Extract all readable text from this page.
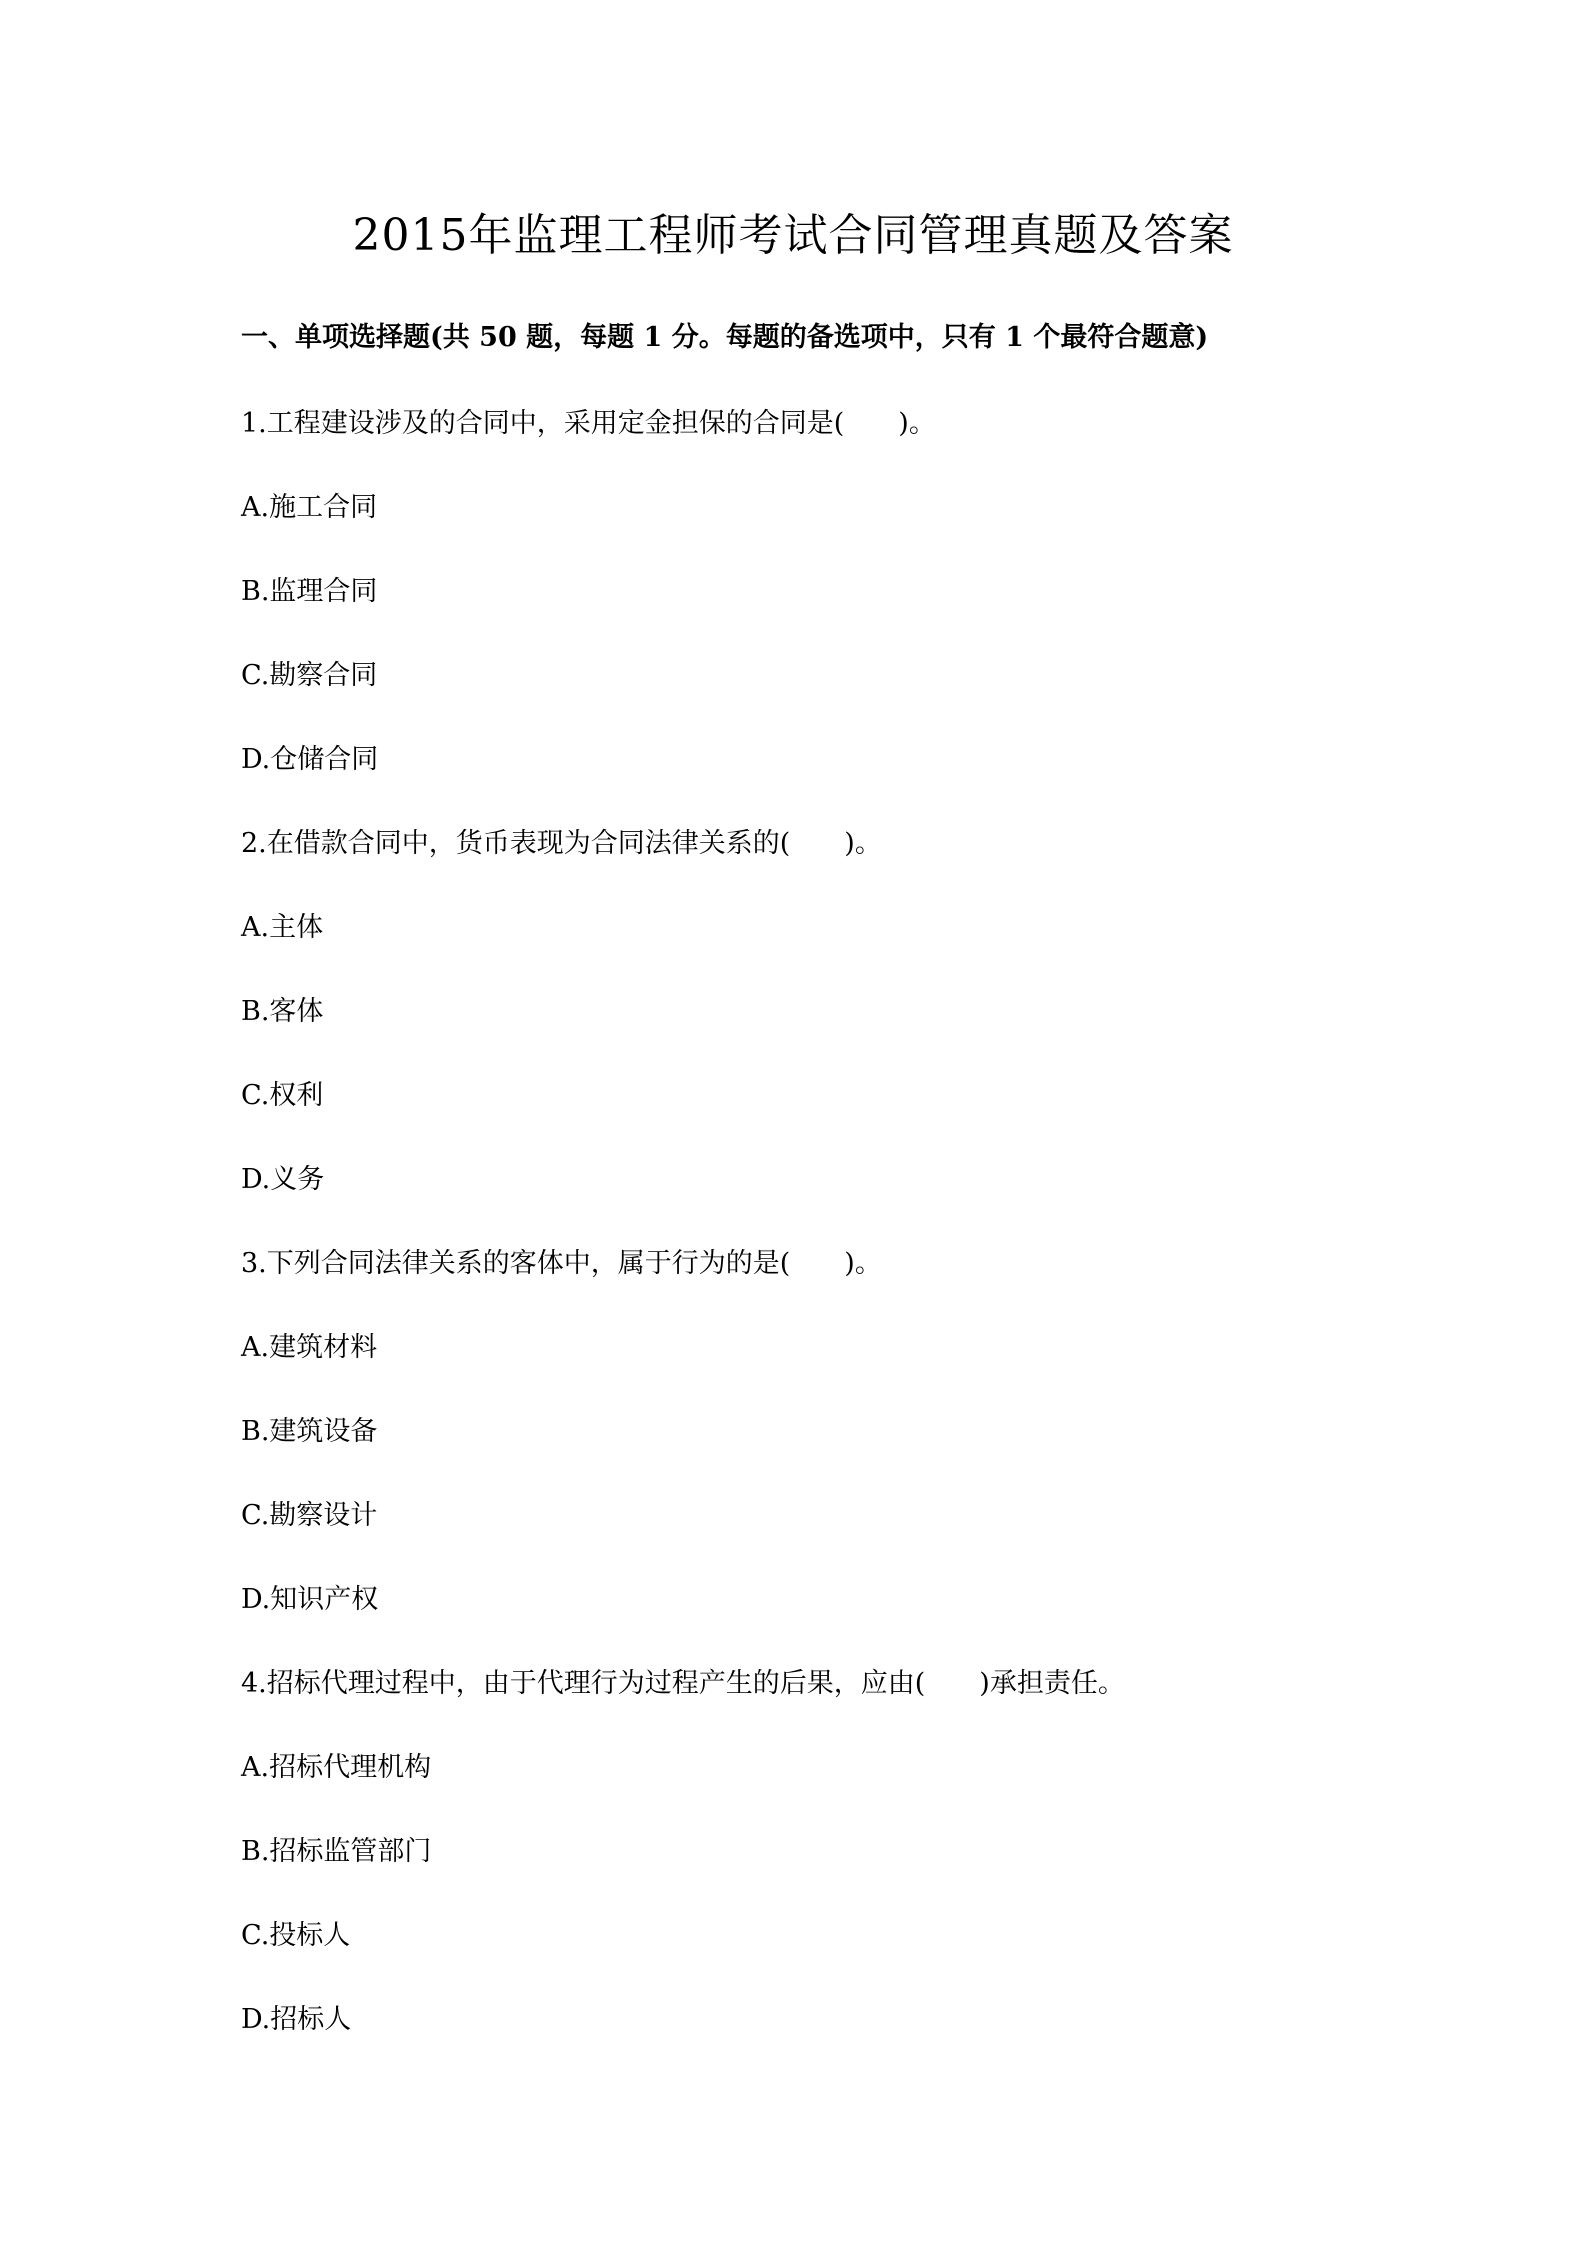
2015年监理工程师考试合同管理真题及答案
一、单项选择题(共 50 题，每题 1 分。每题的备选项中，只有 1 个最符合题意)
1.工程建设涉及的合同中，采用定金担保的合同是(　　)。
A.施工合同
B.监理合同
C.勘察合同
D.仓储合同
2.在借款合同中，货币表现为合同法律关系的(　　)。
A.主体
B.客体
C.权利
D.义务
3.下列合同法律关系的客体中，属于行为的是(　　)。
A.建筑材料
B.建筑设备
C.勘察设计
D.知识产权
4.招标代理过程中，由于代理行为过程产生的后果，应由(　　)承担责任。
A.招标代理机构
B.招标监管部门
C.投标人
D.招标人
